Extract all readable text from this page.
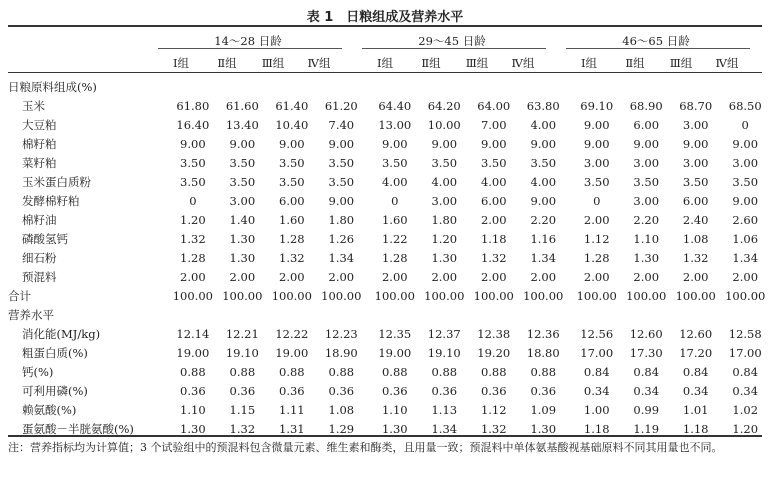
表 1　日粮组成及营养水平
14～28 日龄	29～45 日龄	46～65 日龄
Ⅰ组	Ⅱ组	Ⅲ组	Ⅳ组	Ⅰ组	Ⅱ组	Ⅲ组	Ⅳ组	Ⅰ组	Ⅱ组	Ⅲ组	Ⅳ组
日粮原料组成(%)												
玉米	61.80	61.60	61.40	61.20	64.40	64.20	64.00	63.80	69.10	68.90	68.70	68.50
大豆粕	16.40	13.40	10.40	7.40	13.00	10.00	7.00	4.00	9.00	6.00	3.00	0
棉籽粕	9.00	9.00	9.00	9.00	9.00	9.00	9.00	9.00	9.00	9.00	9.00	9.00
菜籽粕	3.50	3.50	3.50	3.50	3.50	3.50	3.50	3.50	3.00	3.00	3.00	3.00
玉米蛋白质粉	3.50	3.50	3.50	3.50	4.00	4.00	4.00	4.00	3.50	3.50	3.50	3.50
发酵棉籽粕	0	3.00	6.00	9.00	0	3.00	6.00	9.00	0	3.00	6.00	9.00
棉籽油	1.20	1.40	1.60	1.80	1.60	1.80	2.00	2.20	2.00	2.20	2.40	2.60
磷酸氢钙	1.32	1.30	1.28	1.26	1.22	1.20	1.18	1.16	1.12	1.10	1.08	1.06
细石粉	1.28	1.30	1.32	1.34	1.28	1.30	1.32	1.34	1.28	1.30	1.32	1.34
预混料	2.00	2.00	2.00	2.00	2.00	2.00	2.00	2.00	2.00	2.00	2.00	2.00
合计	100.00	100.00	100.00	100.00	100.00	100.00	100.00	100.00	100.00	100.00	100.00	100.00
营养水平												
消化能(MJ/kg)	12.14	12.21	12.22	12.23	12.35	12.37	12.38	12.36	12.56	12.60	12.60	12.58
粗蛋白质(%)	19.00	19.10	19.00	18.90	19.00	19.10	19.20	18.80	17.00	17.30	17.20	17.00
钙(%)	0.88	0.88	0.88	0.88	0.88	0.88	0.88	0.88	0.84	0.84	0.84	0.84
可利用磷(%)	0.36	0.36	0.36	0.36	0.36	0.36	0.36	0.36	0.34	0.34	0.34	0.34
赖氨酸(%)	1.10	1.15	1.11	1.08	1.10	1.13	1.12	1.09	1.00	0.99	1.01	1.02
蛋氨酸－半胱氨酸(%)	1.30	1.32	1.31	1.29	1.30	1.34	1.32	1.30	1.18	1.19	1.18	1.20
注：营养指标均为计算值；3 个试验组中的预混料包含微量元素、维生素和酶类，且用量一致；预混料中单体氨基酸视基础原料不同其用量也不同。
